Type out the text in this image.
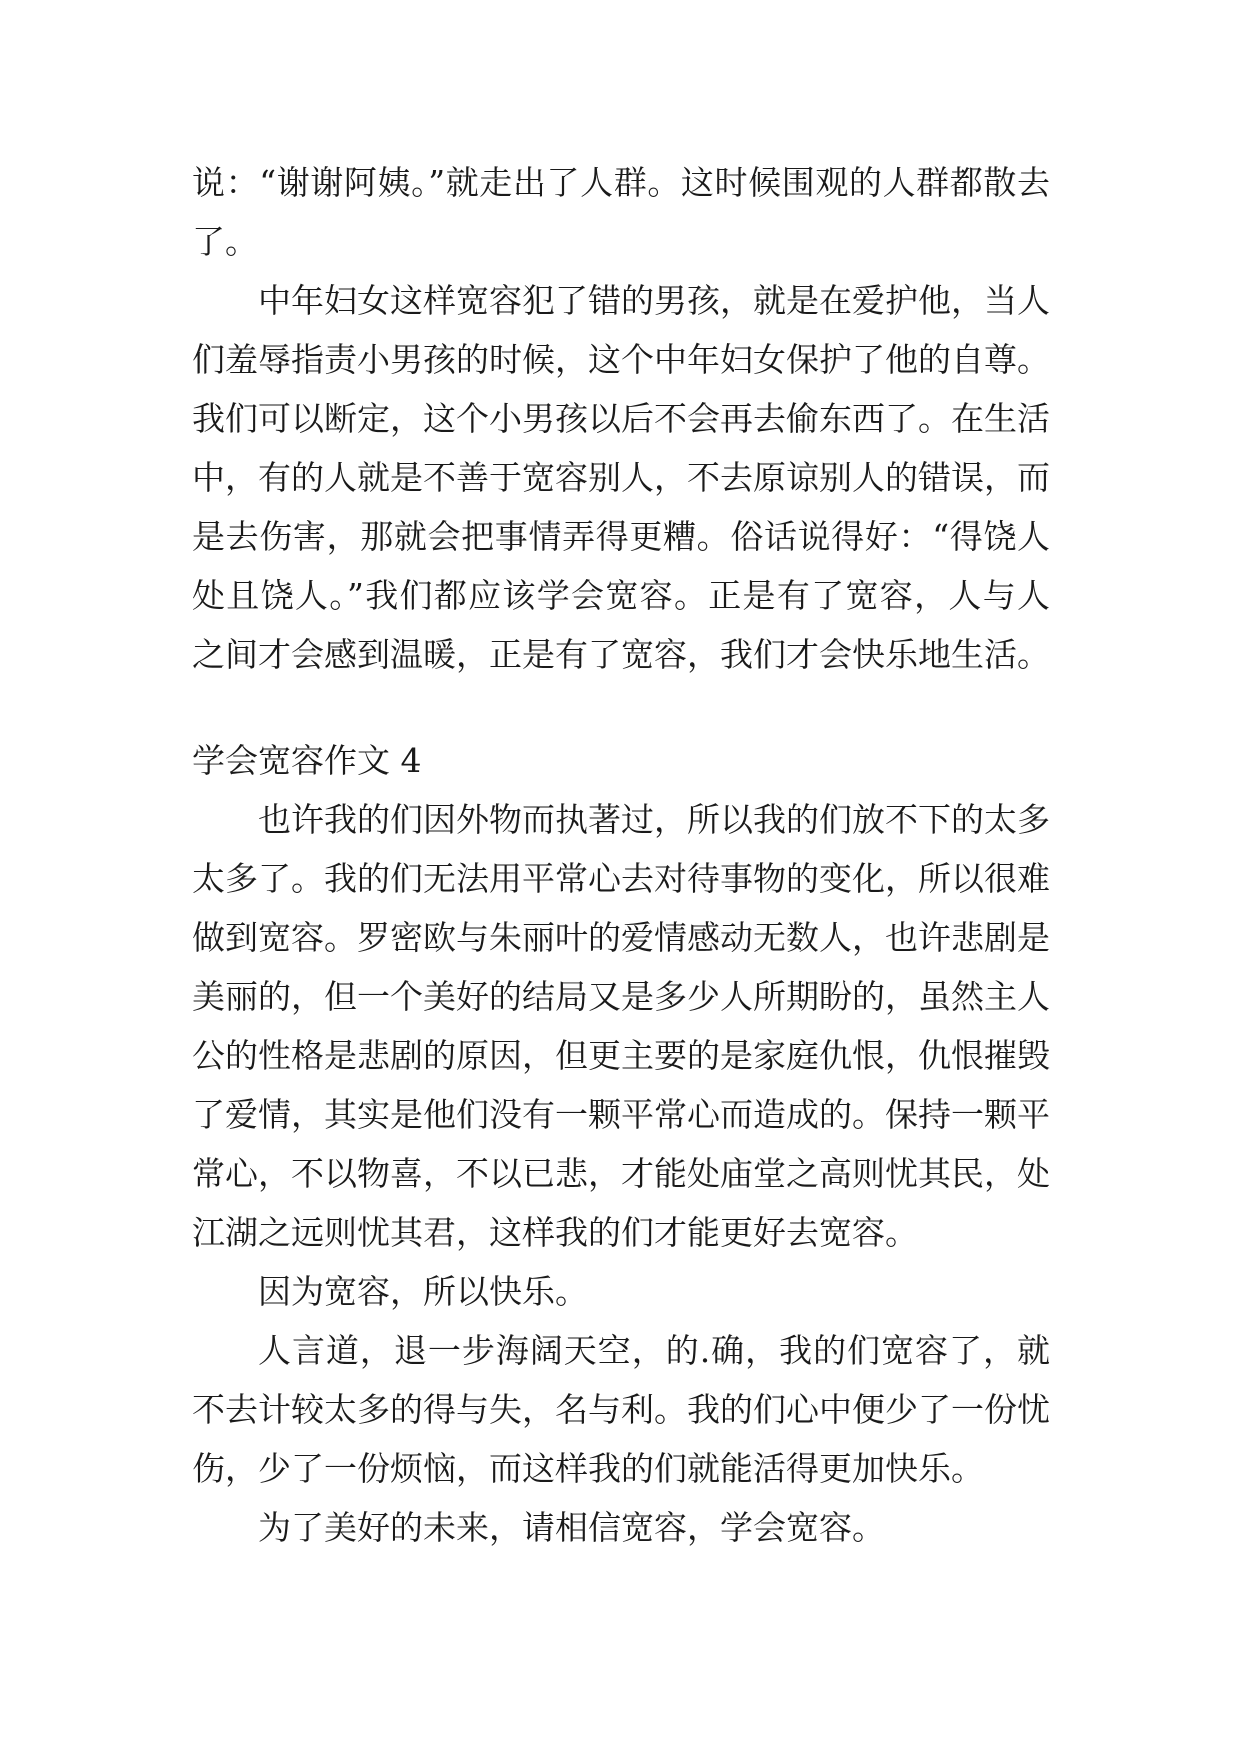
说：“谢谢阿姨。”就走出了人群。这时候围观的人群都散去
了。
中年妇女这样宽容犯了错的男孩，就是在爱护他，当人
们羞辱指责小男孩的时候，这个中年妇女保护了他的自尊。
我们可以断定，这个小男孩以后不会再去偷东西了。在生活
中，有的人就是不善于宽容别人，不去原谅别人的错误，而
是去伤害，那就会把事情弄得更糟。俗话说得好：“得饶人
处且饶人。”我们都应该学会宽容。正是有了宽容，人与人
之间才会感到温暖，正是有了宽容，我们才会快乐地生活。
学会宽容作文 4
也许我的们因外物而执著过，所以我的们放不下的太多
太多了。我的们无法用平常心去对待事物的变化，所以很难
做到宽容。罗密欧与朱丽叶的爱情感动无数人，也许悲剧是
美丽的，但一个美好的结局又是多少人所期盼的，虽然主人
公的性格是悲剧的原因，但更主要的是家庭仇恨，仇恨摧毁
了爱情，其实是他们没有一颗平常心而造成的。保持一颗平
常心，不以物喜，不以已悲，才能处庙堂之高则忧其民，处
江湖之远则忧其君，这样我的们才能更好去宽容。
因为宽容，所以快乐。
人言道，退一步海阔天空，的.确，我的们宽容了，就
不去计较太多的得与失，名与利。我的们心中便少了一份忧
伤，少了一份烦恼，而这样我的们就能活得更加快乐。
为了美好的未来，请相信宽容，学会宽容。
